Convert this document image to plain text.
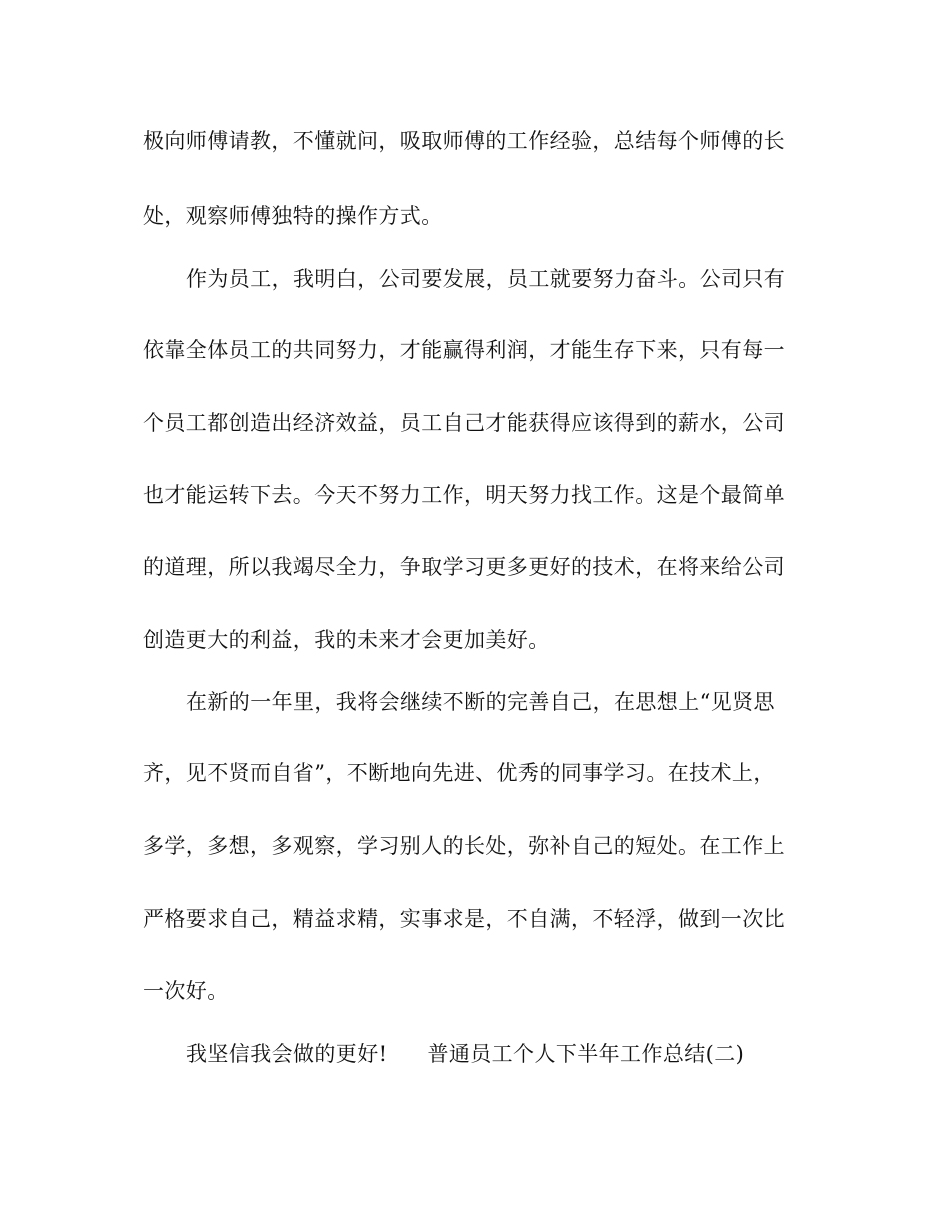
极向师傅请教，不懂就问，吸取师傅的工作经验，总结每个师傅的长
处，观察师傅独特的操作方式。
作为员工，我明白，公司要发展，员工就要努力奋斗。公司只有
依靠全体员工的共同努力，才能赢得利润，才能生存下来，只有每一
个员工都创造出经济效益，员工自己才能获得应该得到的薪水，公司
也才能运转下去。今天不努力工作，明天努力找工作。这是个最简单
的道理，所以我竭尽全力，争取学习更多更好的技术，在将来给公司
创造更大的利益，我的未来才会更加美好。
在新的一年里，我将会继续不断的完善自己，在思想上“见贤思
齐，见不贤而自省”，不断地向先进、优秀的同事学习。在技术上，
多学，多想，多观察，学习别人的长处，弥补自己的短处。在工作上
严格要求自己，精益求精，实事求是，不自满，不轻浮，做到一次比
一次好。
我坚信我会做的更好! 普通员工个人下半年工作总结(二)
